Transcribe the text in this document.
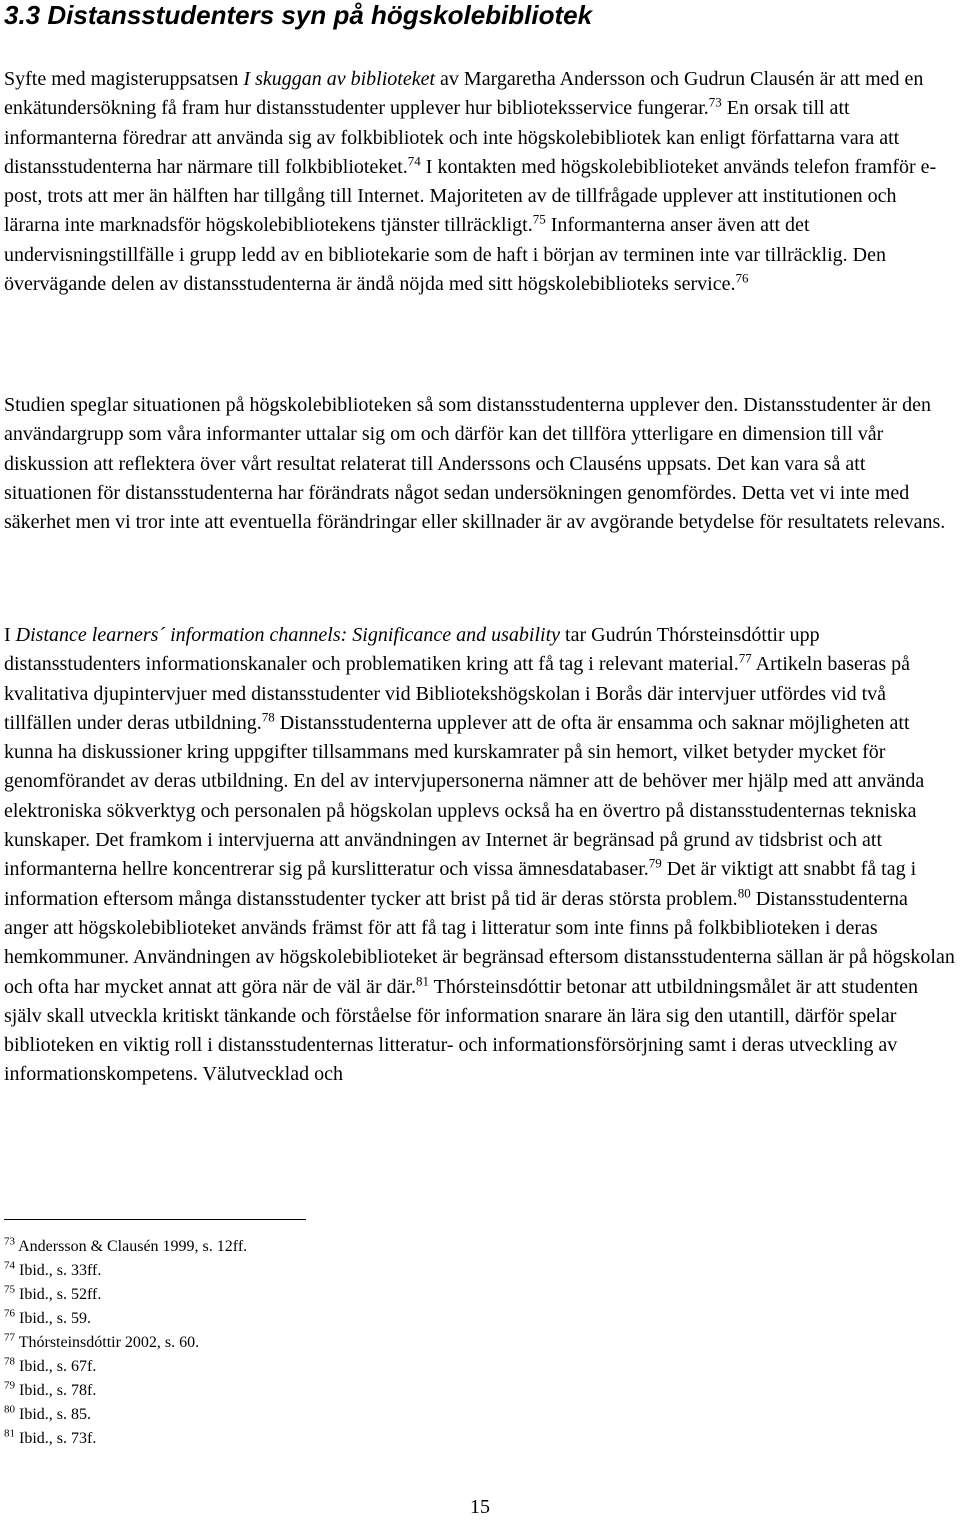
3.3 Distansstudenters syn på högskolebibliotek

Syfte med magisteruppsatsen I skuggan av biblioteket av Margaretha Andersson och Gudrun Clausén är att med en enkätundersökning få fram hur distansstudenter upplever hur biblioteksservice fungerar.$^{73}$ En orsak till att informanterna föredrar att använda sig av folkbibliotek och inte högskolebibliotek kan enligt författarna vara att distansstudenterna har närmare till folkbiblioteket.$^{74}$ I kontakten med högskolebiblioteket används telefon framför e-post, trots att mer än hälften har tillgång till Internet. Majoriteten av de tillfrågade upplever att institutionen och lärarna inte marknadsför högskolebibliotekens tjänster tillräckligt.$^{75}$ Informanterna anser även att det undervisningstillfälle i grupp ledd av en bibliotekarie som de haft i början av terminen inte var tillräcklig. Den övervägande delen av distansstudenterna är ändå nöjda med sitt högskolebiblioteks service.$^{76}$

Studien speglar situationen på högskolebiblioteken så som distansstudenterna upplever den. Distansstudenter är den användargrupp som våra informanter uttalar sig om och därför kan det tillföra ytterligare en dimension till vår diskussion att reflektera över vårt resultat relaterat till Anderssons och Clauséns uppsats. Det kan vara så att situationen för distansstudenterna har förändrats något sedan undersökningen genomfördes. Detta vet vi inte med säkerhet men vi tror inte att eventuella förändringar eller skillnader är av avgörande betydelse för resultatets relevans.

I Distance learners´ information channels: Significance and usability tar Gudrún Thórsteinsdóttir upp distansstudenters informationskanaler och problematiken kring att få tag i relevant material.$^{77}$ Artikeln baseras på kvalitativa djupintervjuer med distansstudenter vid Bibliotekshögskolan i Borås där intervjuer utfördes vid två tillfällen under deras utbildning.$^{78}$ Distansstudenterna upplever att de ofta är ensamma och saknar möjligheten att kunna ha diskussioner kring uppgifter tillsammans med kurskamrater på sin hemort, vilket betyder mycket för genomförandet av deras utbildning. En del av intervjupersonerna nämner att de behöver mer hjälp med att använda elektroniska sökverktyg och personalen på högskolan upplevs också ha en övertro på distansstudenternas tekniska kunskaper. Det framkom i intervjuerna att användningen av Internet är begränsad på grund av tidsbrist och att informanterna hellre koncentrerar sig på kurslitteratur och vissa ämnesdatabaser.$^{79}$ Det är viktigt att snabbt få tag i information eftersom många distansstudenter tycker att brist på tid är deras största problem.$^{80}$ Distansstudenterna anger att högskolebiblioteket används främst för att få tag i litteratur som inte finns på folkbiblioteken i deras hemkommuner. Användningen av högskolebiblioteket är begränsad eftersom distansstudenterna sällan är på högskolan och ofta har mycket annat att göra när de väl är där.$^{81}$ Thórsteinsdóttir betonar att utbildningsmålet är att studenten själv skall utveckla kritiskt tänkande och förståelse för information snarare än lära sig den utantill, därför spelar biblioteken en viktig roll i distansstudenternas litteratur- och informationsförsörjning samt i deras utveckling av informationskompetens. Välutvecklad och

$^{73}$ Andersson & Clausén 1999, s. 12ff.
$^{74}$ Ibid., s. 33ff.
$^{75}$ Ibid., s. 52ff.
$^{76}$ Ibid., s. 59.
$^{77}$ Thórsteinsdóttir 2002, s. 60.
$^{78}$ Ibid., s. 67f.
$^{79}$ Ibid., s. 78f.
$^{80}$ Ibid., s. 85.
$^{81}$ Ibid., s. 73f.
15
